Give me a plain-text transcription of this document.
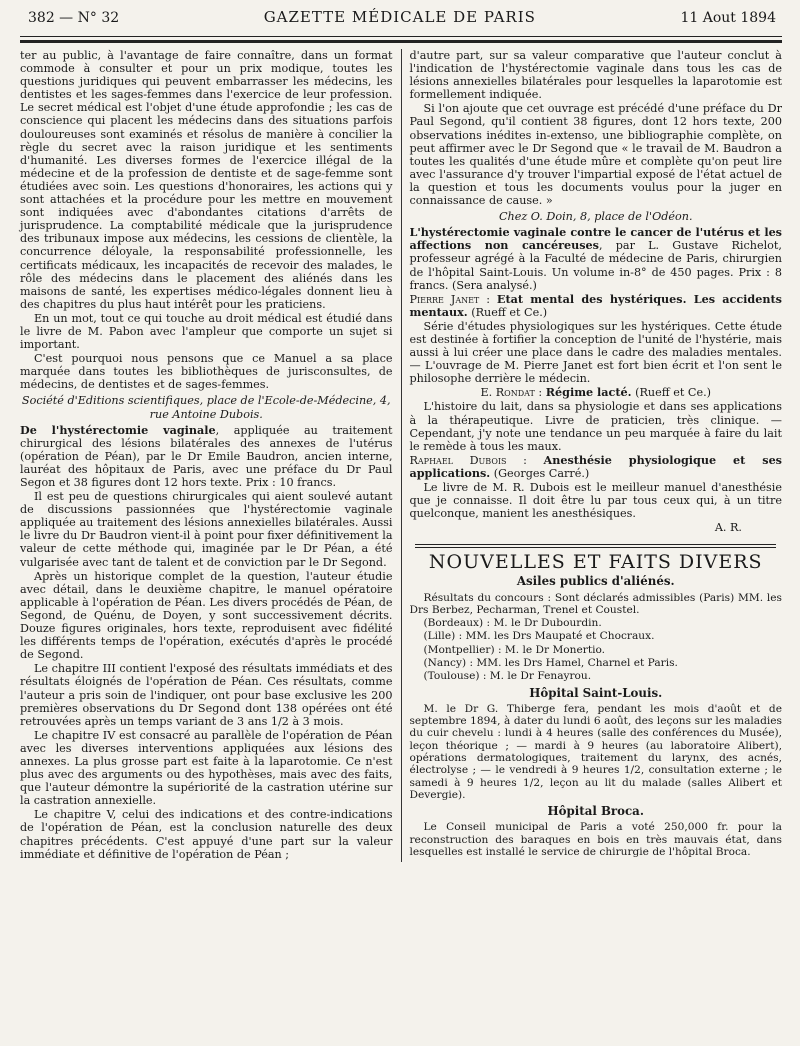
382 — N° 32	GAZETTE MÉDICALE DE PARIS	11 Aout 1894

ter au public, à l'avantage de faire connaître, dans un format commode à consulter et pour un prix modique, toutes les questions juridiques qui peuvent embarrasser les médecins, les dentistes et les sages-femmes dans l'exercice de leur profession. Le secret médical est l'objet d'une étude approfondie ; les cas de conscience qui placent les médecins dans des situations parfois douloureuses sont examinés et résolus de manière à concilier la règle du secret avec la raison juridique et les sentiments d'humanité. Les diverses formes de l'exercice illégal de la médecine et de la profession de dentiste et de sage-femme sont étudiées avec soin. Les questions d'honoraires, les actions qui y sont attachées et la procédure pour les mettre en mouvement sont indiquées avec d'abondantes citations d'arrêts de jurisprudence. La comptabilité médicale que la jurisprudence des tribunaux impose aux médecins, les cessions de clientèle, la concurrence déloyale, la responsabilité professionnelle, les certificats médicaux, les incapacités de recevoir des malades, le rôle des médecins dans le placement des aliénés dans les maisons de santé, les expertises médico-légales donnent lieu à des chapitres du plus haut intérêt pour les praticiens.

En un mot, tout ce qui touche au droit médical est étudié dans le livre de M. Pabon avec l'ampleur que comporte un sujet si important.

C'est pourquoi nous pensons que ce Manuel a sa place marquée dans toutes les bibliothèques de jurisconsultes, de médecins, de dentistes et de sages-femmes.

Société d'Editions scientifiques, place de l'Ecole-de-Médecine, 4, rue Antoine Dubois.

De l'hystérectomie vaginale, appliquée au traitement chirurgical des lésions bilatérales des annexes de l'utérus (opération de Péan), par le Dr Emile Baudron, ancien interne, lauréat des hôpitaux de Paris, avec une préface du Dr Paul Segon et 38 figures dont 12 hors texte. Prix : 10 francs.

Il est peu de questions chirurgicales qui aient soulevé autant de discussions passionnées que l'hystérectomie vaginale appliquée au traitement des lésions annexielles bilatérales. Aussi le livre du Dr Baudron vient-il à point pour fixer définitivement la valeur de cette méthode qui, imaginée par le Dr Péan, a été vulgarisée avec tant de talent et de conviction par le Dr Segond.

Après un historique complet de la question, l'auteur étudie avec détail, dans le deuxième chapitre, le manuel opératoire applicable à l'opération de Péan. Les divers procédés de Péan, de Segond, de Quénu, de Doyen, y sont successivement décrits. Douze figures originales, hors texte, reproduisent avec fidélité les différents temps de l'opération, exécutés d'après le procédé de Segond.

Le chapitre III contient l'exposé des résultats immédiats et des résultats éloignés de l'opération de Péan. Ces résultats, comme l'auteur a pris soin de l'indiquer, ont pour base exclusive les 200 premières observations du Dr Segond dont 138 opérées ont été retrouvées après un temps variant de 3 ans 1/2 à 3 mois.

Le chapitre IV est consacré au parallèle de l'opération de Péan avec les diverses interventions appliquées aux lésions des annexes. La plus grosse part est faite à la laparotomie. Ce n'est plus avec des arguments ou des hypothèses, mais avec des faits, que l'auteur démontre la supériorité de la castration utérine sur la castration annexielle.

Le chapitre V, celui des indications et des contre-indications de l'opération de Péan, est la conclusion naturelle des deux chapitres précédents. C'est appuyé d'une part sur la valeur immédiate et définitive de l'opération de Péan ;

d'autre part, sur sa valeur comparative que l'auteur conclut à l'indication de l'hystérectomie vaginale dans tous les cas de lésions annexielles bilatérales pour lesquelles la laparotomie est formellement indiquée.

Si l'on ajoute que cet ouvrage est précédé d'une préface du Dr Paul Segond, qu'il contient 38 figures, dont 12 hors texte, 200 observations inédites in-extenso, une bibliographie complète, on peut affirmer avec le Dr Segond que « le travail de M. Baudron a toutes les qualités d'une étude mûre et complète qu'on peut lire avec l'assurance d'y trouver l'impartial exposé de l'état actuel de la question et tous les documents voulus pour la juger en connaissance de cause. »

Chez O. Doin, 8, place de l'Odéon.

L'hystérectomie vaginale contre le cancer de l'utérus et les affections non cancéreuses, par L. Gustave Richelot, professeur agrégé à la Faculté de médecine de Paris, chirurgien de l'hôpital Saint-Louis. Un volume in-8° de 450 pages. Prix : 8 francs. (Sera analysé.)

Pierre Janet : Etat mental des hystériques. Les accidents mentaux. (Rueff et Ce.)

Série d'études physiologiques sur les hystériques. Cette étude est destinée à fortifier la conception de l'unité de l'hystérie, mais aussi à lui créer une place dans le cadre des maladies mentales. — L'ouvrage de M. Pierre Janet est fort bien écrit et l'on sent le philosophe derrière le médecin.

E. Rondat : Régime lacté. (Rueff et Ce.)

L'histoire du lait, dans sa physiologie et dans ses applications à la thérapeutique. Livre de praticien, très clinique. — Cependant, j'y note une tendance un peu marquée à faire du lait le remède à tous les maux.

Raphael Dubois : Anesthésie physiologique et ses applications. (Georges Carré.)

Le livre de M. R. Dubois est le meilleur manuel d'anesthésie que je connaisse. Il doit être lu par tous ceux qui, à un titre quelconque, manient les anesthésiques.

A. R.

NOUVELLES ET FAITS DIVERS
Asiles publics d'aliénés.

Résultats du concours : Sont déclarés admissibles (Paris) MM. les Drs Berbez, Pecharman, Trenel et Coustel.

(Bordeaux) : M. le Dr Dubourdin.

(Lille) : MM. les Drs Maupaté et Chocraux.

(Montpellier) : M. le Dr Monertio.

(Nancy) : MM. les Drs Hamel, Charnel et Paris.

(Toulouse) : M. le Dr Fenayrou.

Hôpital Saint-Louis.

M. le Dr G. Thiberge fera, pendant les mois d'août et de septembre 1894, à dater du lundi 6 août, des leçons sur les maladies du cuir chevelu : lundi à 4 heures (salle des conférences du Musée), leçon théorique ; — mardi à 9 heures (au laboratoire Alibert), opérations dermatologiques, traitement du larynx, des acnés, électrolyse ; — le vendredi à 9 heures 1/2, consultation externe ; le samedi à 9 heures 1/2, leçon au lit du malade (salles Alibert et Devergie).

Hôpital Broca.

Le Conseil municipal de Paris a voté 250,000 fr. pour la reconstruction des baraques en bois en très mauvais état, dans lesquelles est installé le service de chirurgie de l'hôpital Broca.
